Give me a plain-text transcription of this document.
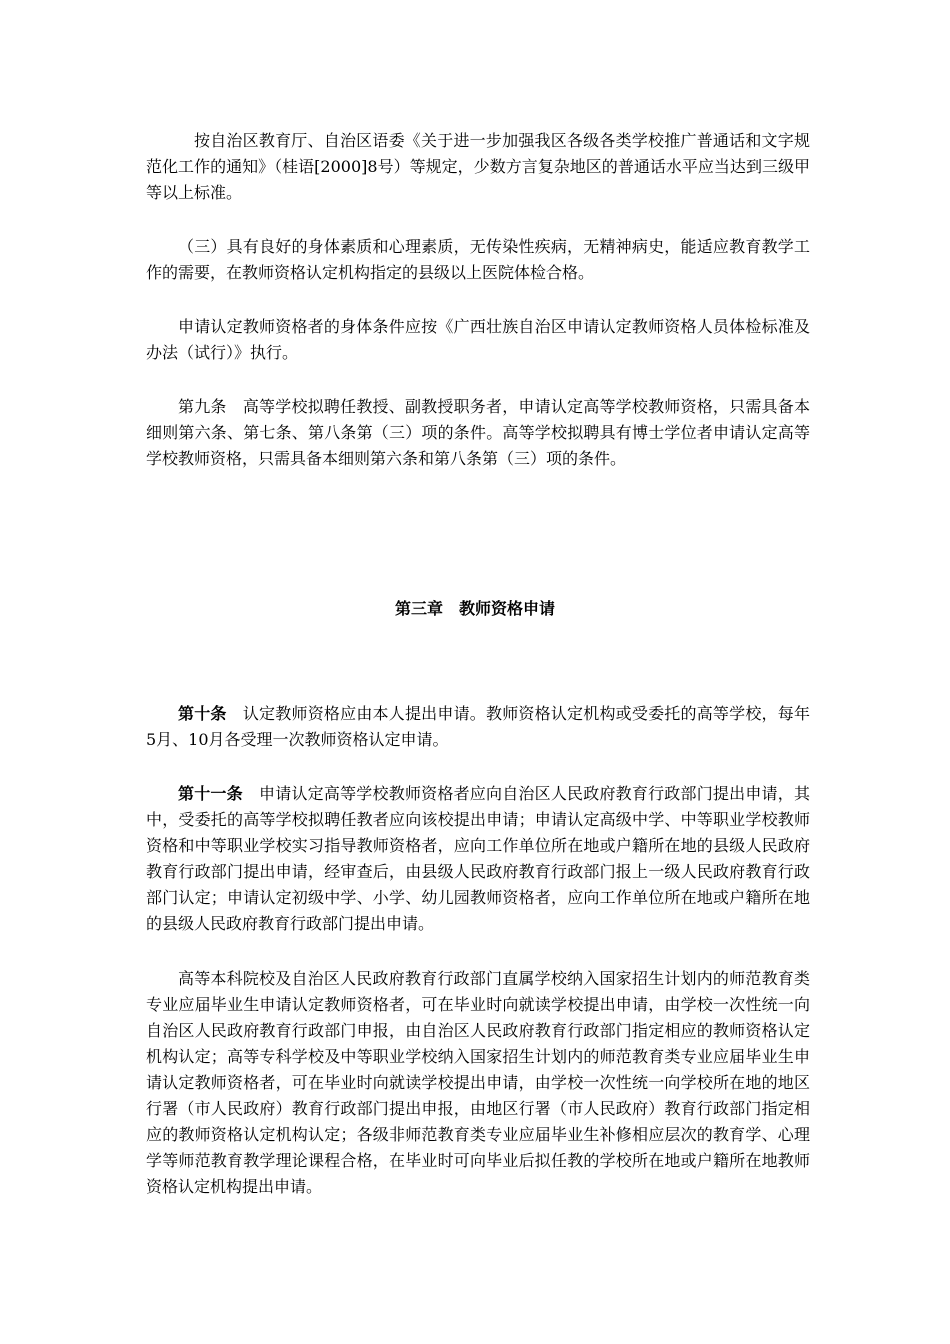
按自治区教育厅、自治区语委《关于进一步加强我区各级各类学校推广普通话和文字规范化工作的通知》（桂语[2000]8号）等规定，少数方言复杂地区的普通话水平应当达到三级甲等以上标准。

（三）具有良好的身体素质和心理素质，无传染性疾病，无精神病史，能适应教育教学工作的需要，在教师资格认定机构指定的县级以上医院体检合格。

申请认定教师资格者的身体条件应按《广西壮族自治区申请认定教师资格人员体检标准及办法（试行）》执行。

第九条 高等学校拟聘任教授、副教授职务者，申请认定高等学校教师资格，只需具备本细则第六条、第七条、第八条第（三）项的条件。高等学校拟聘具有博士学位者申请认定高等学校教师资格，只需具备本细则第六条和第八条第（三）项的条件。

第三章 教师资格申请

第十条 认定教师资格应由本人提出申请。教师资格认定机构或受委托的高等学校，每年5月、10月各受理一次教师资格认定申请。

第十一条 申请认定高等学校教师资格者应向自治区人民政府教育行政部门提出申请，其中，受委托的高等学校拟聘任教者应向该校提出申请；申请认定高级中学、中等职业学校教师资格和中等职业学校实习指导教师资格者，应向工作单位所在地或户籍所在地的县级人民政府教育行政部门提出申请，经审查后，由县级人民政府教育行政部门报上一级人民政府教育行政部门认定；申请认定初级中学、小学、幼儿园教师资格者，应向工作单位所在地或户籍所在地的县级人民政府教育行政部门提出申请。

高等本科院校及自治区人民政府教育行政部门直属学校纳入国家招生计划内的师范教育类专业应届毕业生申请认定教师资格者，可在毕业时向就读学校提出申请，由学校一次性统一向自治区人民政府教育行政部门申报，由自治区人民政府教育行政部门指定相应的教师资格认定机构认定；高等专科学校及中等职业学校纳入国家招生计划内的师范教育类专业应届毕业生申请认定教师资格者，可在毕业时向就读学校提出申请，由学校一次性统一向学校所在地的地区行署（市人民政府）教育行政部门提出申报，由地区行署（市人民政府）教育行政部门指定相应的教师资格认定机构认定；各级非师范教育类专业应届毕业生补修相应层次的教育学、心理学等师范教育教学理论课程合格，在毕业时可向毕业后拟任教的学校所在地或户籍所在地教师资格认定机构提出申请。
